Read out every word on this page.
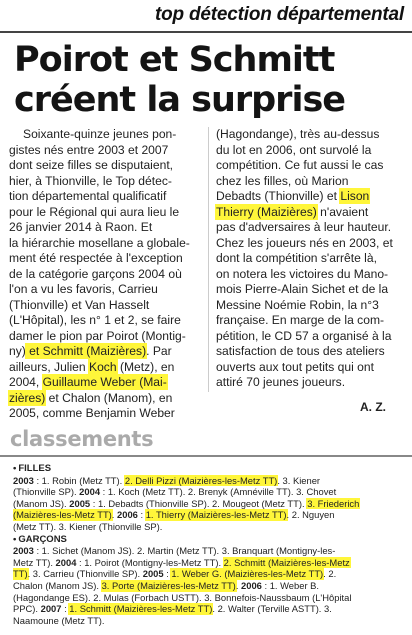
top détection départemental
Poirot et Schmitt
créent la surprise
Soixante-quinze jeunes pon-
gistes nés entre 2003 et 2007
dont seize filles se disputaient,
hier, à Thionville, le Top détec-
tion départemental qualificatif
pour le Régional qui aura lieu le
26 janvier 2014 à Raon. Et
la hiérarchie mosellane a globale-
ment été respectée à l'exception
de la catégorie garçons 2004 où
l'on a vu les favoris, Carrieu
(Thionville) et Van Hasselt
(L'Hôpital), les n° 1 et 2, se faire
damer le pion par Poirot (Montig-
ny) et Schmitt (Maizières). Par
ailleurs, Julien Koch (Metz), en
2004, Guillaume Weber (Mai-
zières) et Chalon (Manom), en
2005, comme Benjamin Weber
(Hagondange), très au-dessus
du lot en 2006, ont survolé la
compétition. Ce fut aussi le cas
chez les filles, où Marion
Debadts (Thionville) et Lison
Thierry (Maizières) n'avaient
pas d'adversaires à leur hauteur.
Chez les joueurs nés en 2003, et
dont la compétition s'arrête là,
on notera les victoires du Mano-
mois Pierre-Alain Sichet et de la
Messine Noémie Robin, la n°3
française. En marge de la com-
pétition, le CD 57 a organisé à la
satisfaction de tous des ateliers
ouverts aux tout petits qui ont
attiré 70 jeunes joueurs.
A. Z.
classements
• FILLES
2003 : 1. Robin (Metz TT). 2. Delli Pizzi (Maizières-les-Metz TT). 3. Kiener
(Thionville SP). 2004 : 1. Koch (Metz TT). 2. Brenyk (Amnéville TT). 3. Chovet
(Manom JS). 2005 : 1. Debadts (Thionville SP). 2. Mougeot (Metz TT). 3. Friederich
(Maizières-les-Metz TT). 2006 : 1. Thierry (Maizières-les-Metz TT). 2. Nguyen
(Metz TT). 3. Kiener (Thionville SP).
• GARÇONS
2003 : 1. Sichet (Manom JS). 2. Martin (Metz TT). 3. Branquart (Montigny-les-
Metz TT). 2004 : 1. Poirot (Montigny-les-Metz TT). 2. Schmitt (Maizières-les-Metz
TT). 3. Carrieu (Thionville SP). 2005 : 1. Weber G. (Maizières-les-Metz TT). 2.
Chalon (Manom JS). 3. Porte (Maizières-les-Metz TT). 2006 : 1. Weber B.
(Hagondange ES). 2. Mulas (Forbach USTT). 3. Bonnefois-Naussbaum (L'Hôpital
PPC). 2007 : 1. Schmitt (Maizières-les-Metz TT). 2. Walter (Terville ASTT). 3.
Naamoune (Metz TT).
